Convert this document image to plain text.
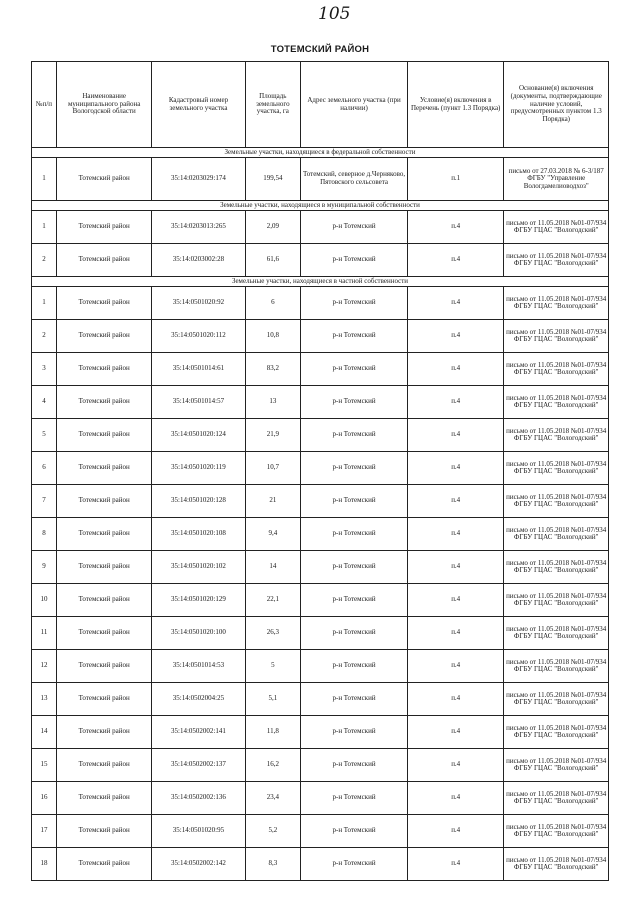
105
ТОТЕМСКИЙ РАЙОН
№п/п	Наименование муниципального района Вологодской области	Кадастровый номер земельного участка	Площадь земельного участка, га	Адрес земельного участка (при наличии)	Условие(я) включения в Перечень (пункт 1.3 Порядка)	Основание(я) включения (документы, подтверждающие наличие условий, предусмотренных пунктом 1.3 Порядка)
Земельные участки, находящиеся в федеральной собственности						
1	Тотемский район	35:14:0203029:174	199,54	Тотемский, северное д.Черняково, Пятовского сельсовета	п.1	письмо от 27.03.2018 № 6-3/187 ФГБУ "Управление Вологдамелиоводхоз"
Земельные участки, находящиеся в муниципальной собственности						
1	Тотемский район	35:14:0203013:265	2,09	р-н Тотемский	п.4	письмо от 11.05.2018 №01-07/934 ФГБУ ГЦАС "Вологодский"
2	Тотемский район	35:14:0203002:28	61,6	р-н Тотемский	п.4	письмо от 11.05.2018 №01-07/934 ФГБУ ГЦАС "Вологодский"
Земельные участки, находящиеся в частной собственности						
1	Тотемский район	35:14:0501020:92	6	р-н Тотемский	п.4	письмо от 11.05.2018 №01-07/934 ФГБУ ГЦАС "Вологодский"
2	Тотемский район	35:14:0501020:112	10,8	р-н Тотемский	п.4	письмо от 11.05.2018 №01-07/934 ФГБУ ГЦАС "Вологодский"
3	Тотемский район	35:14:0501014:61	83,2	р-н Тотемский	п.4	письмо от 11.05.2018 №01-07/934 ФГБУ ГЦАС "Вологодский"
4	Тотемский район	35:14:0501014:57	13	р-н Тотемский	п.4	письмо от 11.05.2018 №01-07/934 ФГБУ ГЦАС "Вологодский"
5	Тотемский район	35:14:0501020:124	21,9	р-н Тотемский	п.4	письмо от 11.05.2018 №01-07/934 ФГБУ ГЦАС "Вологодский"
6	Тотемский район	35:14:0501020:119	10,7	р-н Тотемский	п.4	письмо от 11.05.2018 №01-07/934 ФГБУ ГЦАС "Вологодский"
7	Тотемский район	35:14:0501020:128	21	р-н Тотемский	п.4	письмо от 11.05.2018 №01-07/934 ФГБУ ГЦАС "Вологодский"
8	Тотемский район	35:14:0501020:108	9,4	р-н Тотемский	п.4	письмо от 11.05.2018 №01-07/934 ФГБУ ГЦАС "Вологодский"
9	Тотемский район	35:14:0501020:102	14	р-н Тотемский	п.4	письмо от 11.05.2018 №01-07/934 ФГБУ ГЦАС "Вологодский"
10	Тотемский район	35:14:0501020:129	22,1	р-н Тотемский	п.4	письмо от 11.05.2018 №01-07/934 ФГБУ ГЦАС "Вологодский"
11	Тотемский район	35:14:0501020:100	26,3	р-н Тотемский	п.4	письмо от 11.05.2018 №01-07/934 ФГБУ ГЦАС "Вологодский"
12	Тотемский район	35:14:0501014:53	5	р-н Тотемский	п.4	письмо от 11.05.2018 №01-07/934 ФГБУ ГЦАС "Вологодский"
13	Тотемский район	35:14:0502004:25	5,1	р-н Тотемский	п.4	письмо от 11.05.2018 №01-07/934 ФГБУ ГЦАС "Вологодский"
14	Тотемский район	35:14:0502002:141	11,8	р-н Тотемский	п.4	письмо от 11.05.2018 №01-07/934 ФГБУ ГЦАС "Вологодский"
15	Тотемский район	35:14:0502002:137	16,2	р-н Тотемский	п.4	письмо от 11.05.2018 №01-07/934 ФГБУ ГЦАС "Вологодский"
16	Тотемский район	35:14:0502002:136	23,4	р-н Тотемский	п.4	письмо от 11.05.2018 №01-07/934 ФГБУ ГЦАС "Вологодский"
17	Тотемский район	35:14:0501020:95	5,2	р-н Тотемский	п.4	письмо от 11.05.2018 №01-07/934 ФГБУ ГЦАС "Вологодский"
18	Тотемский район	35:14:0502002:142	8,3	р-н Тотемский	п.4	письмо от 11.05.2018 №01-07/934 ФГБУ ГЦАС "Вологодский"
